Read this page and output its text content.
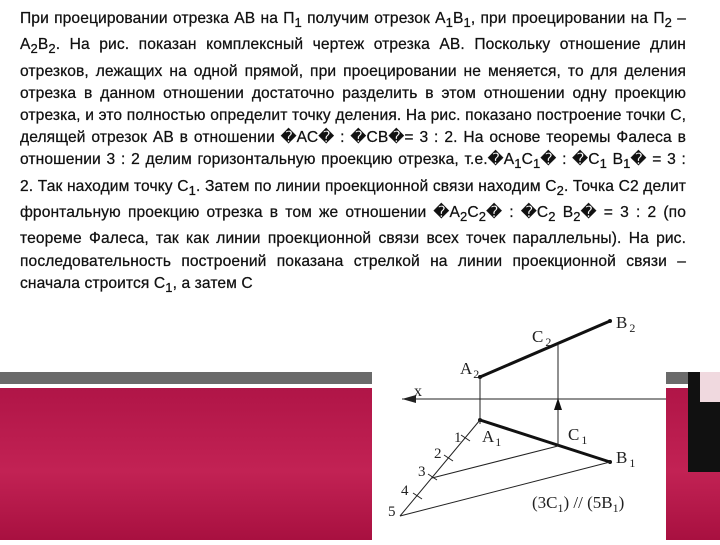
При проецировании отрезка АВ на $П_1$ получим отрезок $А_1В_1$, при проецировании на $П_2 - А_2В_2$. На рис. показан комплексный чертеж отрезка АВ. Поскольку отношение длин отрезков, лежащих на одной прямой, при проецировании не меняется, то для деления отрезка в данном отношении достаточно разделить в этом отношении одну проекцию отрезка, и это полностью определит точку деления. На рис. показано построение точки С, делящей отрезок АВ в отношении �АС� : �СВ�= 3 : 2. На основе теоремы Фалеса в отношении 3 : 2 делим горизонтальную проекцию отрезка, $т.е.�А_1С_1�$ : $�С_1$ $В_1� = 3$ : 2. Так находим точку $С_1$. Затем по линии проекционной связи находим $С_2$. Точка С2 делит фронтальную проекцию отрезка в том же отношении $�А_2С_2�$ : $�С_2$ $В_2� = 3$ : 2 (по теореме Фалеса, так как линии проекционной связи всех точек параллельны). На рис. последовательность построений показана стрелкой на линии проекционной связи – сначала строится $С_1$, а затем С
x
B $_2$
C $_2$
$A_2$
$A_1$	C $_1$
B $_1$
1
2
3
4
5	$(3C_1) // (5B_1)$
